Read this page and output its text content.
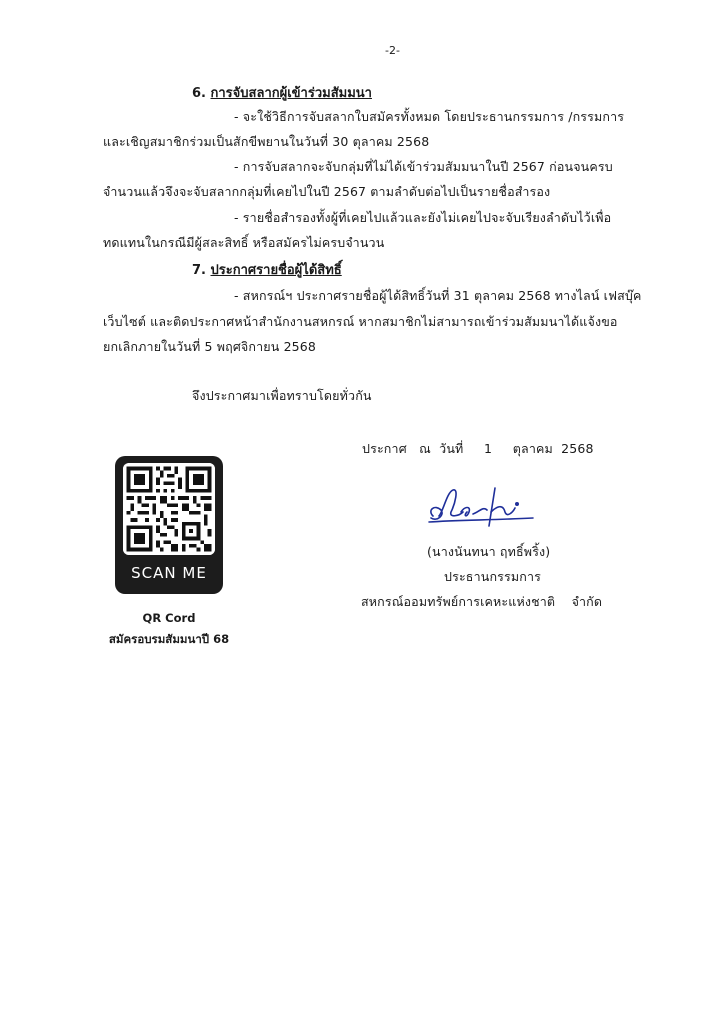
-2-
6. การจับสลากผู้เข้าร่วมสัมมนา
- จะใช้วิธีการจับสลากใบสมัครทั้งหมด โดยประธานกรรมการ /กรรมการ
และเชิญสมาชิกร่วมเป็นสักขีพยานในวันที่ 30 ตุลาคม 2568
- การจับสลากจะจับกลุ่มที่ไม่ได้เข้าร่วมสัมมนาในปี 2567 ก่อนจนครบ
จำนวนแล้วจึงจะจับสลากกลุ่มที่เคยไปในปี 2567 ตามลำดับต่อไปเป็นรายชื่อสำรอง
- รายชื่อสำรองทั้งผู้ที่เคยไปแล้วและยังไม่เคยไปจะจับเรียงลำดับไว้เพื่อ
ทดแทนในกรณีมีผู้สละสิทธิ์ หรือสมัครไม่ครบจำนวน
7. ประกาศรายชื่อผู้ได้สิทธิ์
- สหกรณ์ฯ ประกาศรายชื่อผู้ได้สิทธิ์วันที่ 31 ตุลาคม 2568 ทางไลน์ เฟสบุ๊ค
เว็บไซต์ และติดประกาศหน้าสำนักงานสหกรณ์ หากสมาชิกไม่สามารถเข้าร่วมสัมมนาได้แจ้งขอ
ยกเลิกภายในวันที่ 5 พฤศจิกายน 2568
จึงประกาศมาเพื่อทราบโดยทั่วกัน
ประกาศ   ณ  วันที่     1     ตุลาคม  2568
(นางนันทนา ฤทธิ์พริ้ง)
ประธานกรรมการ
สหกรณ์ออมทรัพย์การเคหะแห่งชาติ    จำกัด
SCAN ME
QR Cord
สมัครอบรมสัมมนาปี 68
